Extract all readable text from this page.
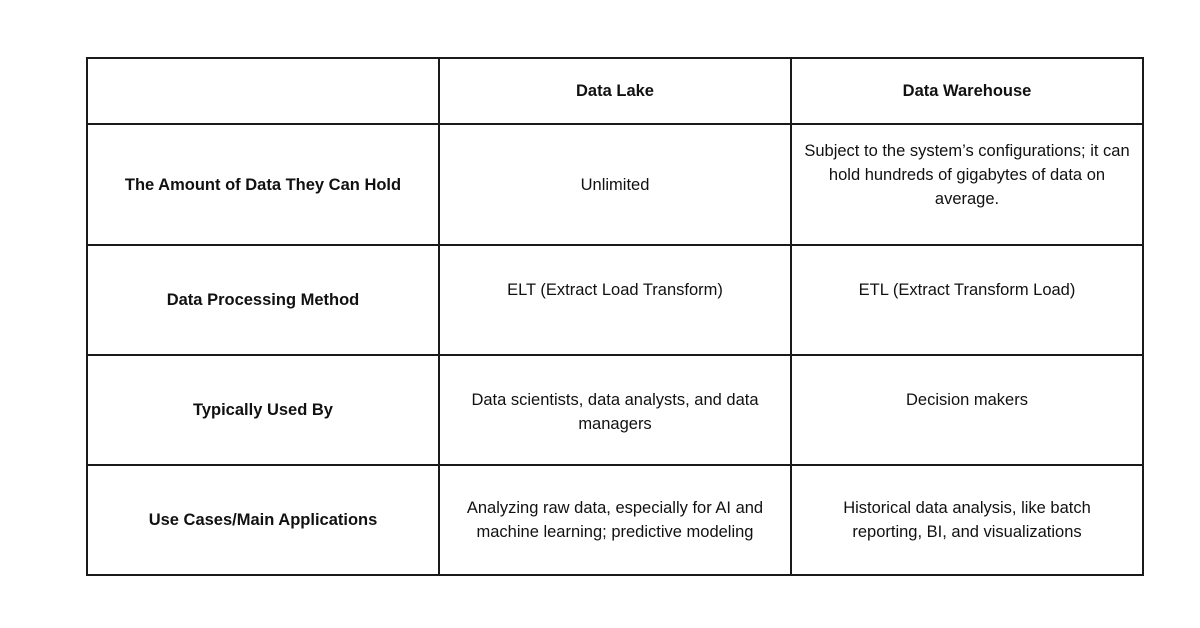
	Data Lake	Data Warehouse
The Amount of Data They Can Hold	Unlimited	Subject to the system’s configurations; it can hold hundreds of gigabytes of data on average.
Data Processing Method	ELT (Extract Load Transform)	ETL (Extract Transform Load)
Typically Used By	Data scientists, data analysts, and data managers	Decision makers
Use Cases/Main Applications	Analyzing raw data, especially for AI and machine learning; predictive modeling	Historical data analysis, like batch reporting, BI, and visualizations
